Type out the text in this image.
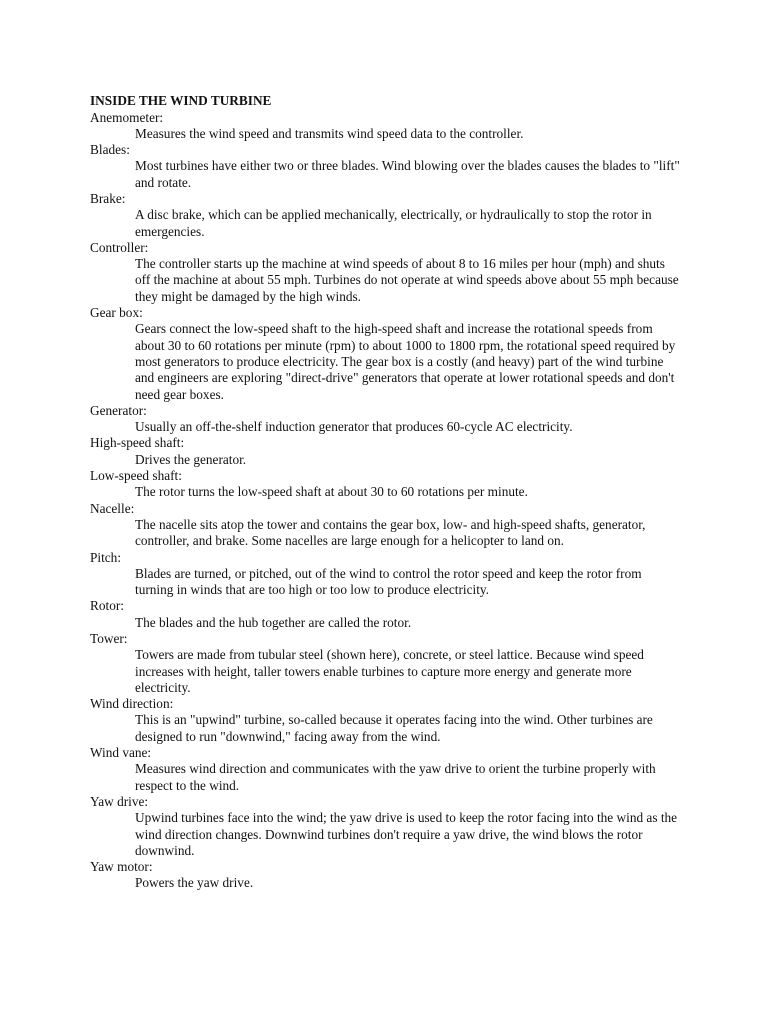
INSIDE THE WIND TURBINE
Anemometer:
Measures the wind speed and transmits wind speed data to the controller.
Blades:
Most turbines have either two or three blades. Wind blowing over the blades causes the blades to "lift" and rotate.
Brake:
A disc brake, which can be applied mechanically, electrically, or hydraulically to stop the rotor in emergencies.
Controller:
The controller starts up the machine at wind speeds of about 8 to 16 miles per hour (mph) and shuts off the machine at about 55 mph. Turbines do not operate at wind speeds above about 55 mph because they might be damaged by the high winds.
Gear box:
Gears connect the low-speed shaft to the high-speed shaft and increase the rotational speeds from about 30 to 60 rotations per minute (rpm) to about 1000 to 1800 rpm, the rotational speed required by most generators to produce electricity. The gear box is a costly (and heavy) part of the wind turbine and engineers are exploring "direct-drive" generators that operate at lower rotational speeds and don't need gear boxes.
Generator:
Usually an off-the-shelf induction generator that produces 60-cycle AC electricity.
High-speed shaft:
Drives the generator.
Low-speed shaft:
The rotor turns the low-speed shaft at about 30 to 60 rotations per minute.
Nacelle:
The nacelle sits atop the tower and contains the gear box, low- and high-speed shafts, generator, controller, and brake. Some nacelles are large enough for a helicopter to land on.
Pitch:
Blades are turned, or pitched, out of the wind to control the rotor speed and keep the rotor from turning in winds that are too high or too low to produce electricity.
Rotor:
The blades and the hub together are called the rotor.
Tower:
Towers are made from tubular steel (shown here), concrete, or steel lattice. Because wind speed increases with height, taller towers enable turbines to capture more energy and generate more electricity.
Wind direction:
This is an "upwind" turbine, so-called because it operates facing into the wind. Other turbines are designed to run "downwind," facing away from the wind.
Wind vane:
Measures wind direction and communicates with the yaw drive to orient the turbine properly with respect to the wind.
Yaw drive:
Upwind turbines face into the wind; the yaw drive is used to keep the rotor facing into the wind as the wind direction changes. Downwind turbines don't require a yaw drive, the wind blows the rotor downwind.
Yaw motor:
Powers the yaw drive.
